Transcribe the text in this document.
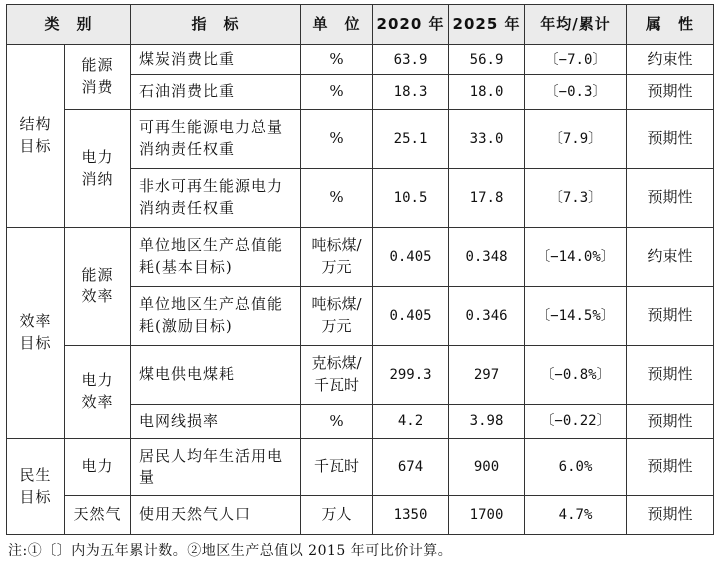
类　别		指　标	单　位	2020 年	2025 年	年均/累计	属　性

结构目标	能源消费	煤炭消费比重	%	63.9	56.9	〔−7.0〕	约束性
		石油消费比重	%	18.3	18.0	〔−0.3〕	预期性

	电力消纳	可再生能源电力总量消纳责任权重	%	25.1	33.0	〔7.9〕	预期性
		非水可再生能源电力消纳责任权重	%	10.5	17.8	〔7.3〕	预期性

效率目标	能源效率	单位地区生产总值能耗(基本目标)	吨标煤/万元	0.405	0.348	〔−14.0%〕	约束性
		单位地区生产总值能耗(激励目标)	吨标煤/万元	0.405	0.346	〔−14.5%〕	预期性

	电力效率	煤电供电煤耗	克标煤/千瓦时	299.3	297	〔−0.8%〕	预期性
		电网线损率	%	4.2	3.98	〔−0.22〕	预期性

民生目标	电力	居民人均年生活用电量	千瓦时	674	900	6.0%	预期性
	天然气	使用天然气人口	万人	1350	1700	4.7%	预期性
注:①〔〕内为五年累计数。②地区生产总值以 2015 年可比价计算。
